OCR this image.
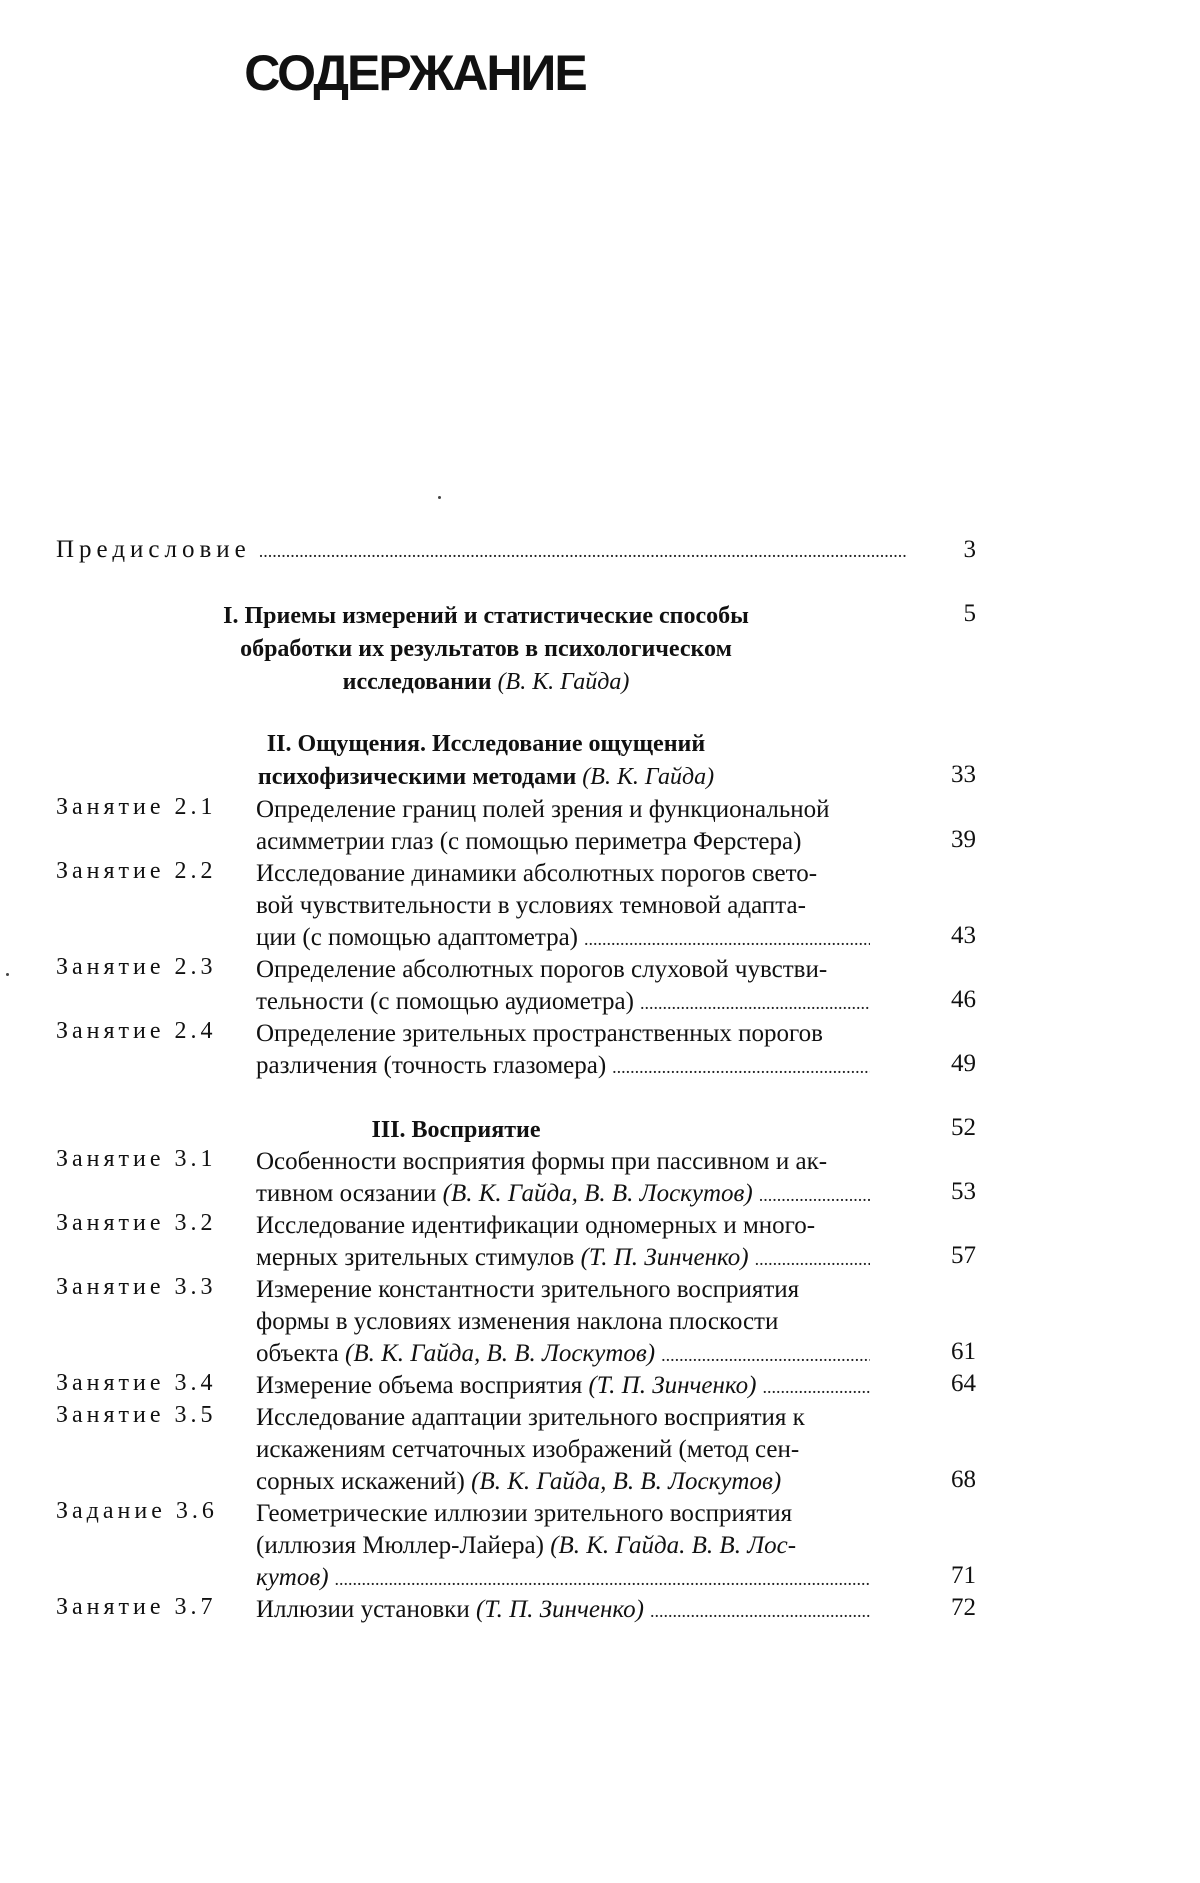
СОДЕРЖАНИЕ
Предисловие .....	3
I. Приемы измерений и статистические способы
обработки их результатов в психологическом
исследовании (В. К. Гайда)
5
II. Ощущения. Исследование ощущений
психофизическими методами (В. К. Гайда)	33
Занятие 2.1	Определение границ полей зрения и функциональной
асимметрии глаз (с помощью периметра Ферстера)	39
Занятие 2.2	Исследование динамики абсолютных порогов свето-
вой чувствительности в условиях темновой адапта-
ции (с помощью адаптометра) .....	43
Занятие 2.3	Определение абсолютных порогов слуховой чувстви-
тельности (с помощью аудиометра) .....	46
Занятие 2.4	Определение зрительных пространственных порогов
различения (точность глазомера) .....	49
III. Восприятие	52
Занятие 3.1	Особенности восприятия формы при пассивном и ак-
тивном осязании
(В. К. Гайда, В. В. Лоскутов) .....	53
Занятие 3.2	Исследование идентификации одномерных и много-
мерных зрительных стимулов
(Т. П. Зинченко) .....	57
Занятие 3.3	Измерение константности зрительного восприятия
формы в условиях изменения наклона плоскости
объекта
(В. К. Гайда, В. В. Лоскутов) .....	61
Занятие 3.4	Измерение объема восприятия
(Т. П. Зинченко) .....	64
Занятие 3.5	Исследование адаптации зрительного восприятия к
искажениям сетчаточных изображений (метод сен-
сорных искажений)
(В. К. Гайда, В. В. Лоскутов)	68
Задание 3.6	Геометрические иллюзии зрительного восприятия
(иллюзия Мюллер-Лайера)
(В. К. Гайда. В. В. Лос-
кутов) .....	71
Занятие 3.7	Иллюзии установки
(Т. П. Зинченко) .....	72
